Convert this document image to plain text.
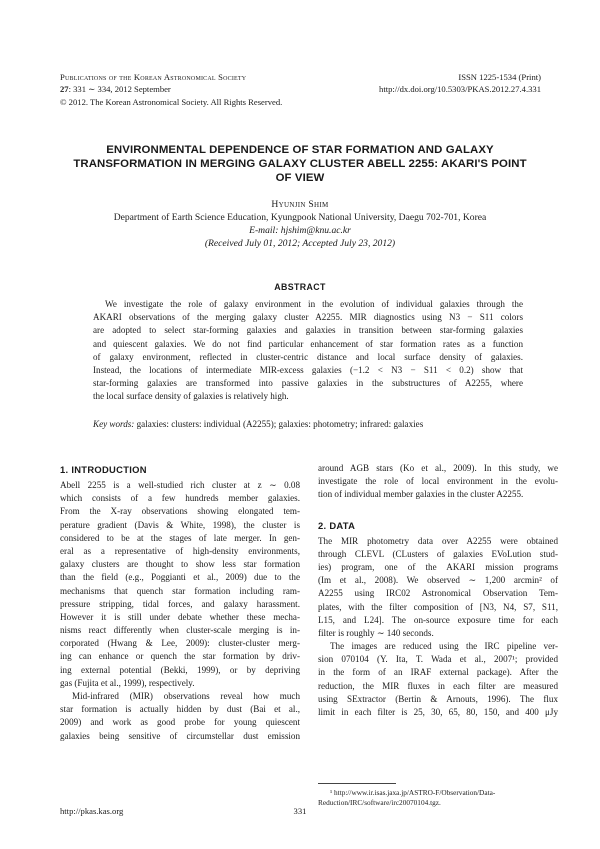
Publications of the Korean Astronomical Society
27: 331 ∼ 334, 2012 September
© 2012. The Korean Astronomical Society. All Rights Reserved.
ISSN 1225-1534 (Print)
http://dx.doi.org/10.5303/PKAS.2012.27.4.331
ENVIRONMENTAL DEPENDENCE OF STAR FORMATION AND GALAXY
TRANSFORMATION IN MERGING GALAXY CLUSTER ABELL 2255: AKARI'S POINT
OF VIEW
Hyunjin Shim
Department of Earth Science Education, Kyungpook National University, Daegu 702-701, Korea
E-mail: hjshim@knu.ac.kr
(Received July 01, 2012; Accepted July 23, 2012)
ABSTRACT
We investigate the role of galaxy environment in the evolution of individual galaxies through the
AKARI observations of the merging galaxy cluster A2255. MIR diagnostics using N3 − S11 colors
are adopted to select star-forming galaxies and galaxies in transition between star-forming galaxies
and quiescent galaxies. We do not find particular enhancement of star formation rates as a function
of galaxy environment, reflected in cluster-centric distance and local surface density of galaxies.
Instead, the locations of intermediate MIR-excess galaxies (−1.2 < N3 − S11 < 0.2) show that
star-forming galaxies are transformed into passive galaxies in the substructures of A2255, where
the local surface density of galaxies is relatively high.
Key words: galaxies: clusters: individual (A2255); galaxies: photometry; infrared: galaxies
1. INTRODUCTION
Abell 2255 is a well-studied rich cluster at z ∼ 0.08
which consists of a few hundreds member galaxies.
From the X-ray observations showing elongated tem-
perature gradient (Davis & White, 1998), the cluster is
considered to be at the stages of late merger. In gen-
eral as a representative of high-density environments,
galaxy clusters are thought to show less star formation
than the field (e.g., Poggianti et al., 2009) due to the
mechanisms that quench star formation including ram-
pressure stripping, tidal forces, and galaxy harassment.
However it is still under debate whether these mecha-
nisms react differently when cluster-scale merging is in-
corporated (Hwang & Lee, 2009): cluster-cluster merg-
ing can enhance or quench the star formation by driv-
ing external potential (Bekki, 1999), or by depriving
gas (Fujita et al., 1999), respectively.
Mid-infrared (MIR) observations reveal how much
star formation is actually hidden by dust (Bai et al.,
2009) and work as good probe for young quiescent
galaxies being sensitive of circumstellar dust emission
around AGB stars (Ko et al., 2009). In this study, we
investigate the role of local environment in the evolu-
tion of individual member galaxies in the cluster A2255.
2. DATA
The MIR photometry data over A2255 were obtained
through CLEVL (CLusters of galaxies EVoLution stud-
ies) program, one of the AKARI mission programs
(Im et al., 2008). We observed ∼ 1,200 arcmin² of
A2255 using IRC02 Astronomical Observation Tem-
plates, with the filter composition of [N3, N4, S7, S11,
L15, and L24]. The on-source exposure time for each
filter is roughly ∼ 140 seconds.
The images are reduced using the IRC pipeline ver-
sion 070104 (Y. Ita, T. Wada et al., 2007¹; provided
in the form of an IRAF external package). After the
reduction, the MIR fluxes in each filter are measured
using SExtractor (Bertin & Arnouts, 1996). The flux
limit in each filter is 25, 30, 65, 80, 150, and 400 μJy
¹ http://www.ir.isas.jaxa.jp/ASTRO-F/Observation/Data-
Reduction/IRC/software/irc20070104.tgz.
http://pkas.kas.org	331
